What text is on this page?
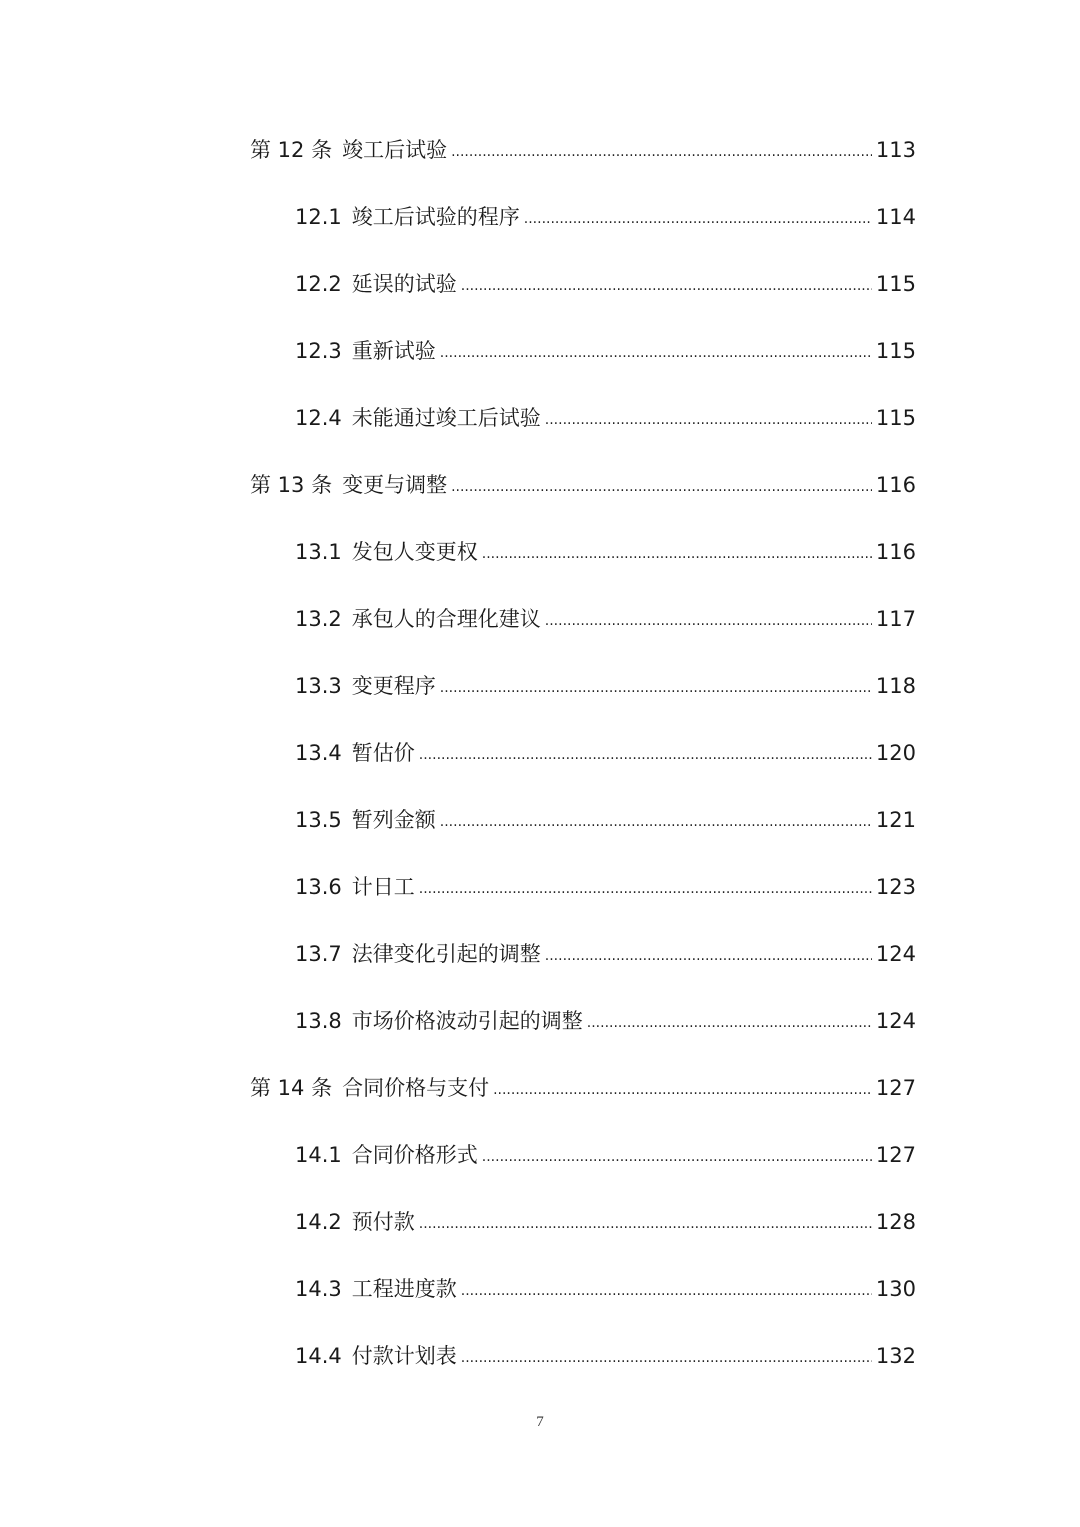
第 12 条 竣工后试验 .....	113
12.1 竣工后试验的程序 .....	114
12.2 延误的试验 .....	115
12.3 重新试验 .....	115
12.4 未能通过竣工后试验 .....	115
第 13 条 变更与调整 .....	116
13.1 发包人变更权 .....	116
13.2 承包人的合理化建议 .....	117
13.3 变更程序 .....	118
13.4 暂估价 .....	120
13.5 暂列金额 .....	121
13.6 计日工 .....	123
13.7 法律变化引起的调整 .....	124
13.8 市场价格波动引起的调整 .....	124
第 14 条 合同价格与支付 .....	127
14.1 合同价格形式 .....	127
14.2 预付款 .....	128
14.3 工程进度款 .....	130
14.4 付款计划表 .....	132
7
